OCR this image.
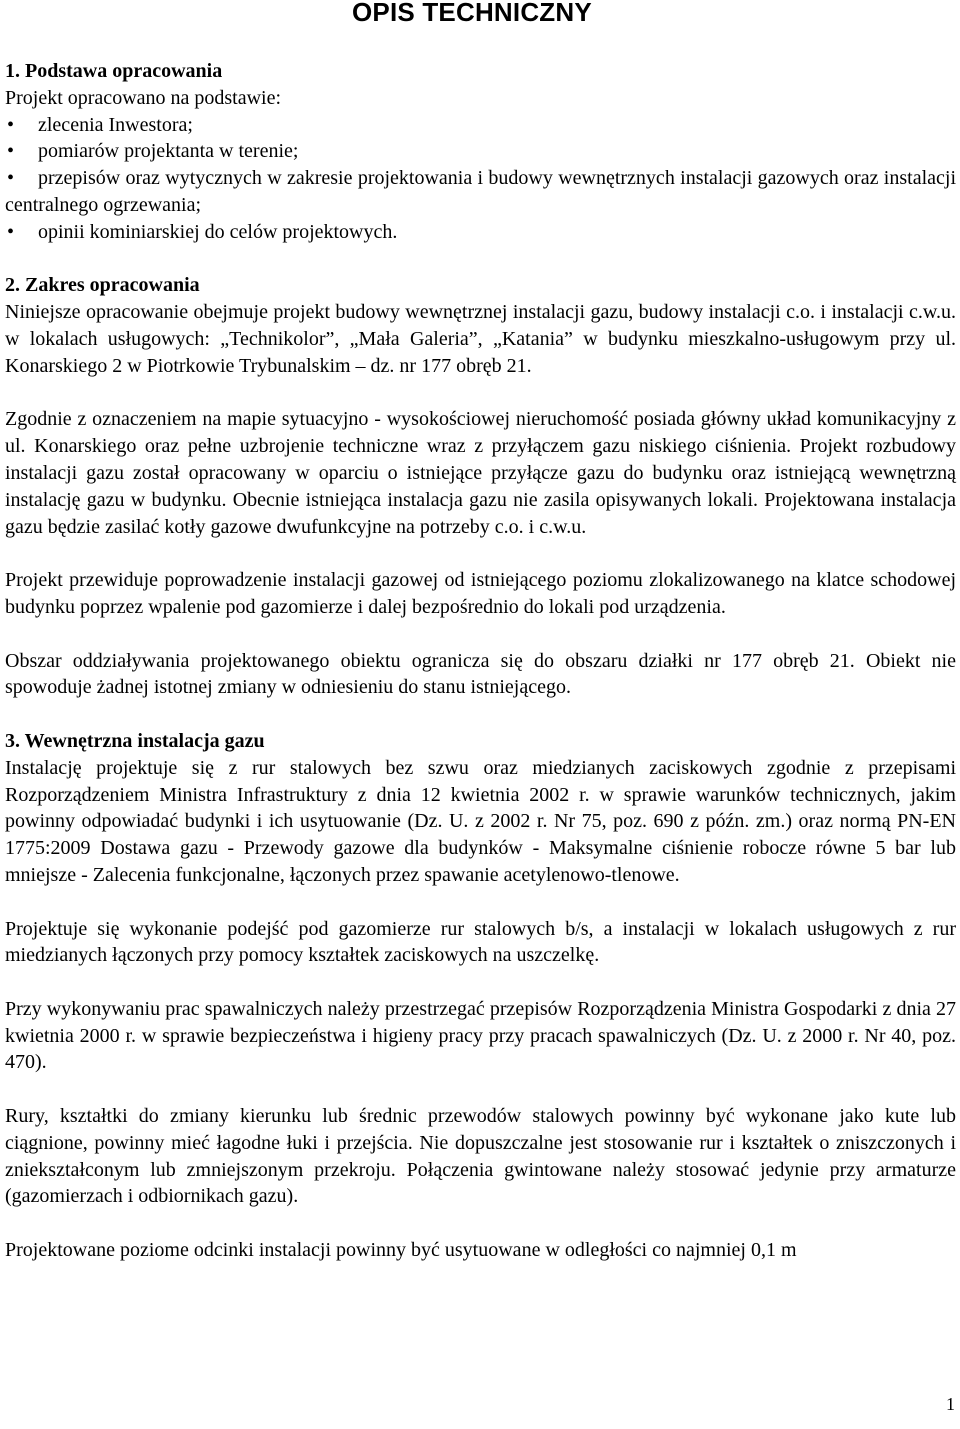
OPIS TECHNICZNY

1. Podstawa opracowania

Projekt opracowano na podstawie:

• zlecenia Inwestora;
• pomiarów projektanta w terenie;
•	przepisów oraz wytycznych w zakresie projektowania i budowy wewnętrznych instalacji gazowych oraz instalacji centralnego ogrzewania;
• opinii kominiarskiej do celów projektowych.

2. Zakres opracowania

Niniejsze opracowanie obejmuje projekt budowy wewnętrznej instalacji gazu, budowy instalacji c.o. i instalacji c.w.u. w lokalach usługowych: „Technikolor”, „Mała Galeria”, „Katania” w budynku mieszkalno-usługowym przy ul. Konarskiego 2 w Piotrkowie Trybunalskim – dz. nr 177 obręb 21.

Zgodnie z oznaczeniem na mapie sytuacyjno - wysokościowej nieruchomość posiada główny układ komunikacyjny z ul. Konarskiego oraz pełne uzbrojenie techniczne wraz z przyłączem gazu niskiego ciśnienia. Projekt rozbudowy instalacji gazu został opracowany w oparciu o istniejące przyłącze gazu do budynku oraz istniejącą wewnętrzną instalację gazu w budynku. Obecnie istniejąca instalacja gazu nie zasila opisywanych lokali. Projektowana instalacja gazu będzie zasilać kotły gazowe dwufunkcyjne na potrzeby c.o. i c.w.u.

Projekt przewiduje poprowadzenie instalacji gazowej od istniejącego poziomu zlokalizowanego na klatce schodowej budynku poprzez wpalenie pod gazomierze i dalej bezpośrednio do lokali pod urządzenia.

Obszar oddziaływania projektowanego obiektu ogranicza się do obszaru działki nr 177 obręb 21. Obiekt nie spowoduje żadnej istotnej zmiany w odniesieniu do stanu istniejącego.

3. Wewnętrzna instalacja gazu

Instalację projektuje się z rur stalowych bez szwu oraz miedzianych zaciskowych zgodnie z przepisami Rozporządzeniem Ministra Infrastruktury z dnia 12 kwietnia 2002 r. w sprawie warunków technicznych, jakim powinny odpowiadać budynki i ich usytuowanie (Dz. U. z 2002 r. Nr 75, poz. 690 z późn. zm.) oraz normą PN-EN 1775:2009 Dostawa gazu - Przewody gazowe dla budynków - Maksymalne ciśnienie robocze równe 5 bar lub mniejsze - Zalecenia funkcjonalne, łączonych przez spawanie acetylenowo-tlenowe.

Projektuje się wykonanie podejść pod gazomierze rur stalowych b/s, a instalacji w lokalach usługowych z rur miedzianych łączonych przy pomocy kształtek zaciskowych na uszczelkę.

Przy wykonywaniu prac spawalniczych należy przestrzegać przepisów Rozporządzenia Ministra Gospodarki z dnia 27 kwietnia 2000 r. w sprawie bezpieczeństwa i higieny pracy przy pracach spawalniczych (Dz. U. z 2000 r. Nr 40, poz. 470).

Rury, kształtki do zmiany kierunku lub średnic przewodów stalowych powinny być wykonane jako kute lub ciągnione, powinny mieć łagodne łuki i przejścia. Nie dopuszczalne jest stosowanie rur i kształtek o zniszczonych i zniekształconym lub zmniejszonym przekroju. Połączenia gwintowane należy stosować jedynie przy armaturze (gazomierzach i odbiornikach gazu).

Projektowane poziome odcinki instalacji powinny być usytuowane w odległości co najmniej 0,1 m

1
